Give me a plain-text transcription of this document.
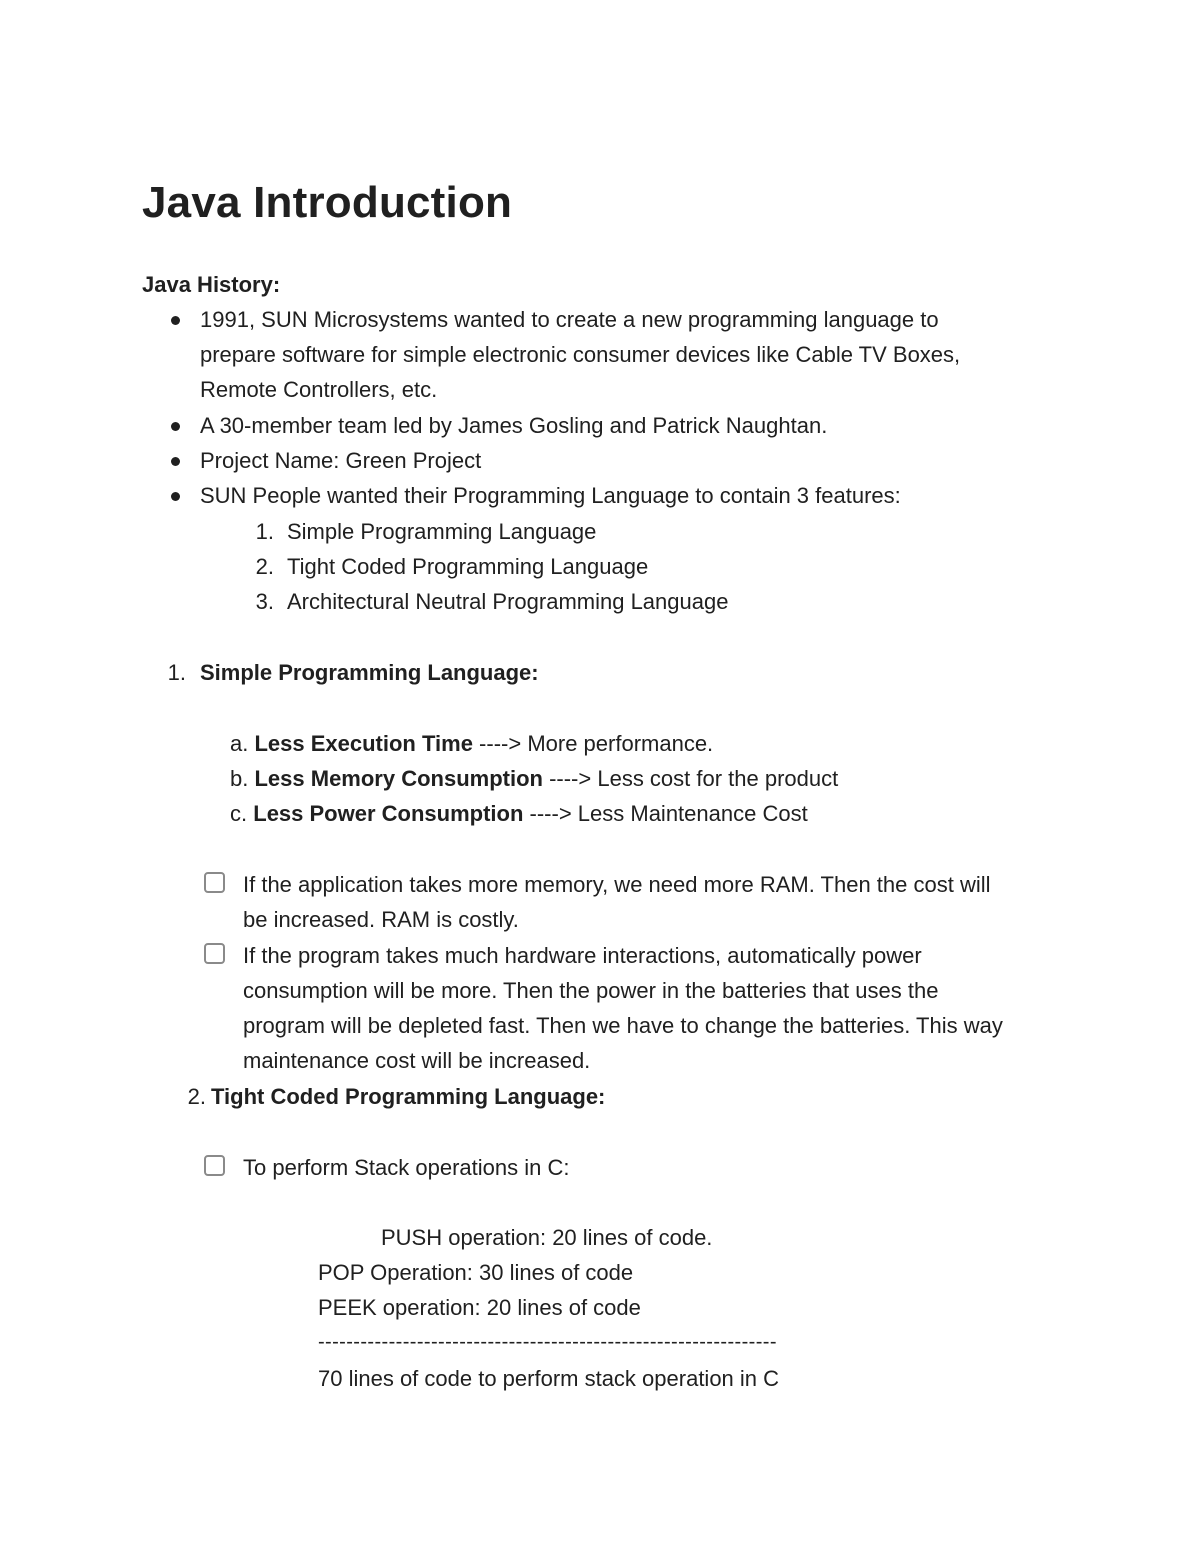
Java Introduction
Java History:
1991, SUN Microsystems wanted to create a new programming language to
prepare software for simple electronic consumer devices like Cable TV Boxes,
Remote Controllers, etc.
A 30-member team led by James Gosling and Patrick Naughtan.
Project Name: Green Project
SUN People wanted their Programming Language to contain 3 features:
1. Simple Programming Language
2. Tight Coded Programming Language
3. Architectural Neutral Programming Language
1. Simple Programming Language:
a. Less Execution Time ----> More performance.
b. Less Memory Consumption ----> Less cost for the product
c. Less Power Consumption ----> Less Maintenance Cost
If the application takes more memory, we need more RAM. Then the cost will
be increased. RAM is costly.
If the program takes much hardware interactions, automatically power
consumption will be more. Then the power in the batteries that uses the
program will be depleted fast. Then we have to change the batteries. This way
maintenance cost will be increased.
2. Tight Coded Programming Language:
To perform Stack operations in C:
PUSH operation: 20 lines of code.
POP Operation: 30 lines of code
PEEK operation: 20 lines of code
-----------------------------------------------------------------
70 lines of code to perform stack operation in C
